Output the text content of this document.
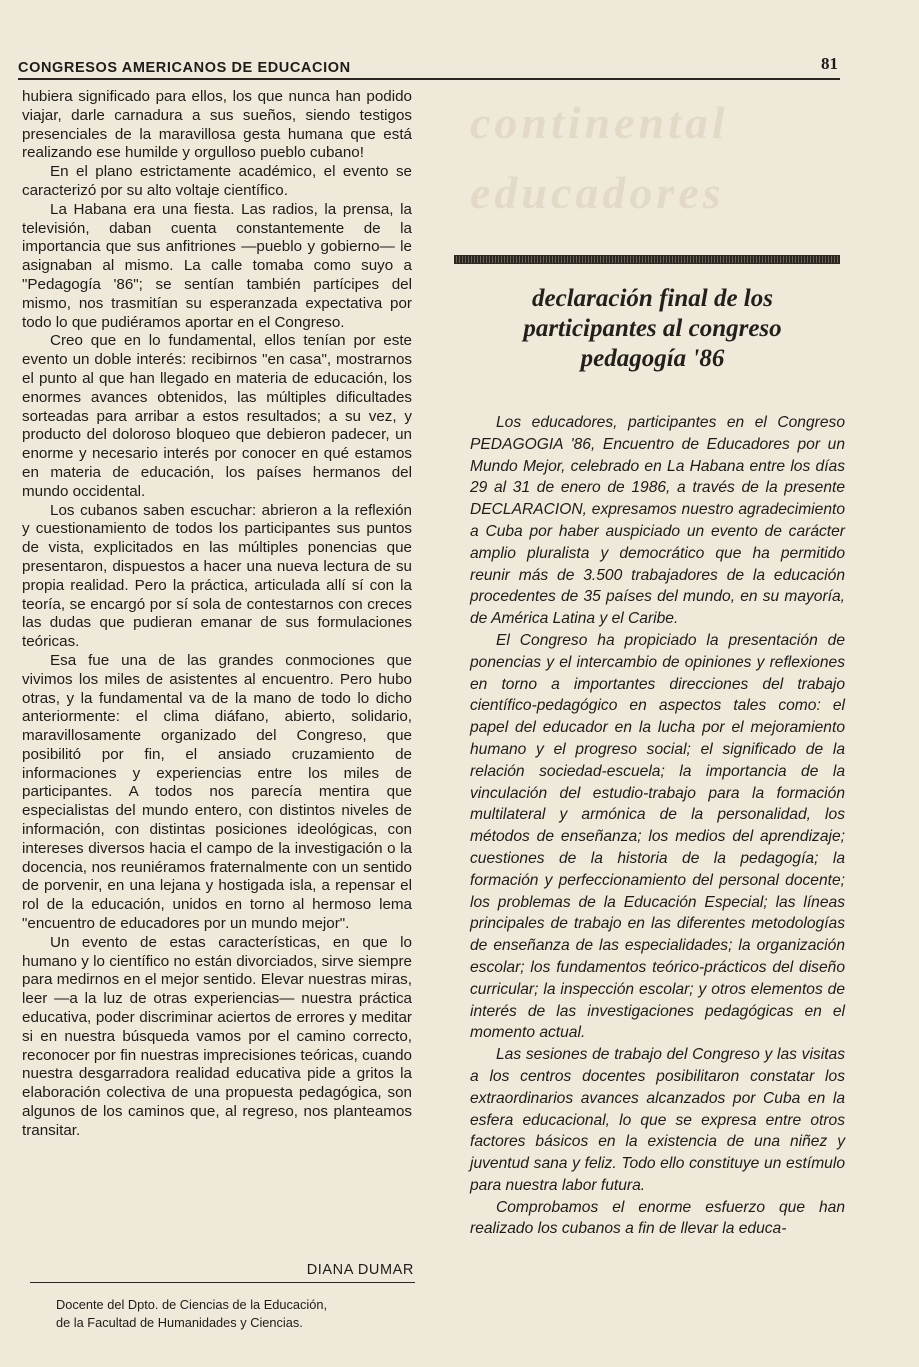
CONGRESOS AMERICANOS DE EDUCACION	81

hubiera significado para ellos, los que nunca han podido viajar, darle carnadura a sus sueños, siendo testigos presenciales de la maravillosa gesta humana que está realizando ese humilde y orgulloso pueblo cubano!

En el plano estrictamente académico, el evento se caracterizó por su alto voltaje científico.

La Habana era una fiesta. Las radios, la prensa, la televisión, daban cuenta constantemente de la importancia que sus anfitriones —pueblo y gobierno— le asignaban al mismo. La calle tomaba como suyo a "Pedagogía '86"; se sentían también partícipes del mismo, nos trasmitían su esperanzada expectativa por todo lo que pudiéramos aportar en el Congreso.

Creo que en lo fundamental, ellos tenían por este evento un doble interés: recibirnos "en casa", mostrarnos el punto al que han llegado en materia de educación, los enormes avances obtenidos, las múltiples dificultades sorteadas para arribar a estos resultados; a su vez, y producto del doloroso bloqueo que debieron padecer, un enorme y necesario interés por conocer en qué estamos en materia de educación, los países hermanos del mundo occidental.

Los cubanos saben escuchar: abrieron a la reflexión y cuestionamiento de todos los participantes sus puntos de vista, explicitados en las múltiples ponencias que presentaron, dispuestos a hacer una nueva lectura de su propia realidad. Pero la práctica, articulada allí sí con la teoría, se encargó por sí sola de contestarnos con creces las dudas que pudieran emanar de sus formulaciones teóricas.

Esa fue una de las grandes conmociones que vivimos los miles de asistentes al encuentro. Pero hubo otras, y la fundamental va de la mano de todo lo dicho anteriormente: el clima diáfano, abierto, solidario, maravillosamente organizado del Congreso, que posibilitó por fin, el ansiado cruzamiento de informaciones y experiencias entre los miles de participantes. A todos nos parecía mentira que especialistas del mundo entero, con distintos niveles de información, con distintas posiciones ideológicas, con intereses diversos hacia el campo de la investigación o la docencia, nos reuniéramos fraternalmente con un sentido de porvenir, en una lejana y hostigada isla, a repensar el rol de la educación, unidos en torno al hermoso lema "encuentro de educadores por un mundo mejor".

Un evento de estas características, en que lo humano y lo científico no están divorciados, sirve siempre para medirnos en el mejor sentido. Elevar nuestras miras, leer —a la luz de otras experiencias— nuestra práctica educativa, poder discriminar aciertos de errores y meditar si en nuestra búsqueda vamos por el camino correcto, reconocer por fin nuestras imprecisiones teóricas, cuando nuestra desgarradora realidad educativa pide a gritos la elaboración colectiva de una propuesta pedagógica, son algunos de los caminos que, al regreso, nos planteamos transitar.

DIANA DUMAR
Docente del Dpto. de Ciencias de la Educación,
de la Facultad de Humanidades y Ciencias.
continental
educadores
declaración final de los
participantes al congreso
pedagogía '86

Los educadores, participantes en el Congreso PEDAGOGIA '86, Encuentro de Educadores por un Mundo Mejor, celebrado en La Habana entre los días 29 al 31 de enero de 1986, a través de la presente DECLARACION, expresamos nuestro agradecimiento a Cuba por haber auspiciado un evento de carácter amplio pluralista y democrático que ha permitido reunir más de 3.500 trabajadores de la educación procedentes de 35 países del mundo, en su mayoría, de América Latina y el Caribe.

El Congreso ha propiciado la presentación de ponencias y el intercambio de opiniones y reflexiones en torno a importantes direcciones del trabajo científico-pedagógico en aspectos tales como: el papel del educador en la lucha por el mejoramiento humano y el progreso social; el significado de la relación sociedad-escuela; la importancia de la vinculación del estudio-trabajo para la formación multilateral y armónica de la personalidad, los métodos de enseñanza; los medios del aprendizaje; cuestiones de la historia de la pedagogía; la formación y perfeccionamiento del personal docente; los problemas de la Educación Especial; las líneas principales de trabajo en las diferentes metodologías de enseñanza de las especialidades; la organización escolar; los fundamentos teórico-prácticos del diseño curricular; la inspección escolar; y otros elementos de interés de las investigaciones pedagógicas en el momento actual.

Las sesiones de trabajo del Congreso y las visitas a los centros docentes posibilitaron constatar los extraordinarios avances alcanzados por Cuba en la esfera educacional, lo que se expresa entre otros factores básicos en la existencia de una niñez y juventud sana y feliz. Todo ello constituye un estímulo para nuestra labor futura.

Comprobamos el enorme esfuerzo que han realizado los cubanos a fin de llevar la educa-
